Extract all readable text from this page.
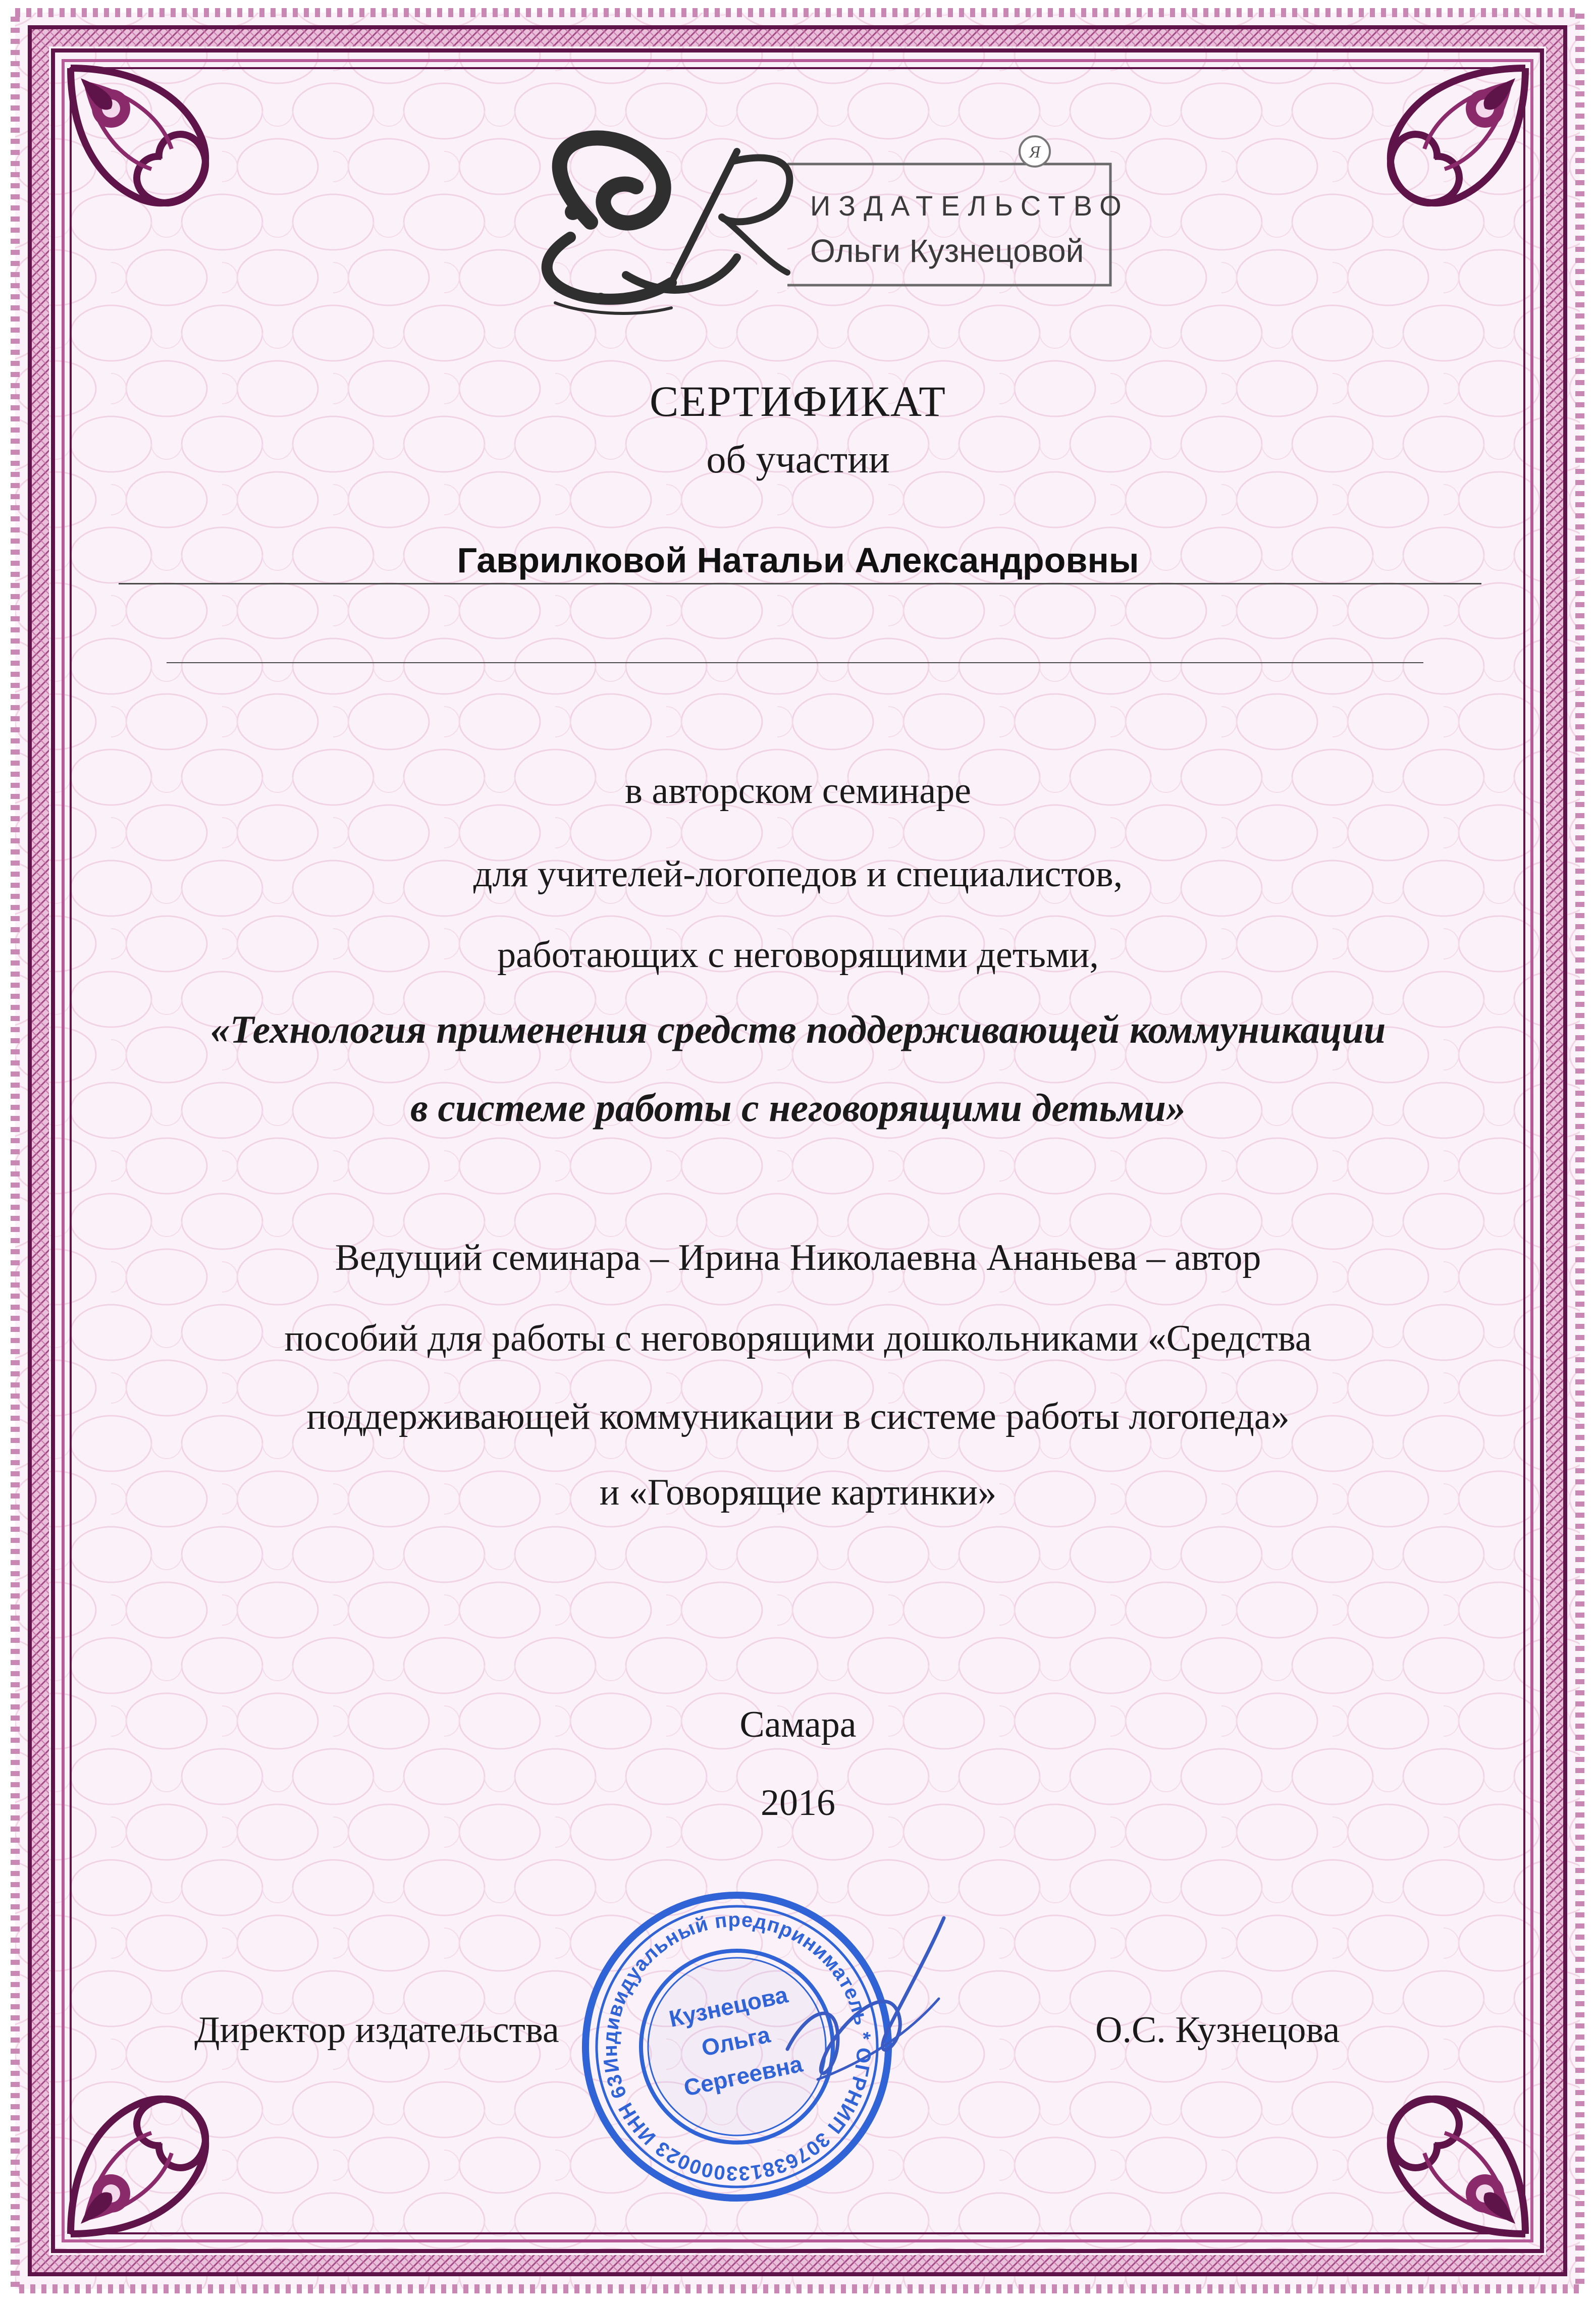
Я
Индивидуальный предприниматель * ОГРНИП 307638133000023 ИНН 638139436129
Кузнецова
Ольга
Сергеевна
ИЗДАТЕЛЬСТВО
Ольги Кузнецовой
СЕРТИФИКАТ
об участии
Гаврилковой Натальи Александровны
в авторском семинаре
для учителей-логопедов и специалистов,
работающих с неговорящими детьми,
«Технология применения средств поддерживающей коммуникации
в системе работы с неговорящими детьми»
Ведущий семинара – Ирина Николаевна Ананьева – автор
пособий для работы с неговорящими дошкольниками «Средства
поддерживающей коммуникации в системе работы логопеда»
и «Говорящие картинки»
Самара
2016
Директор издательства	О.С. Кузнецова
